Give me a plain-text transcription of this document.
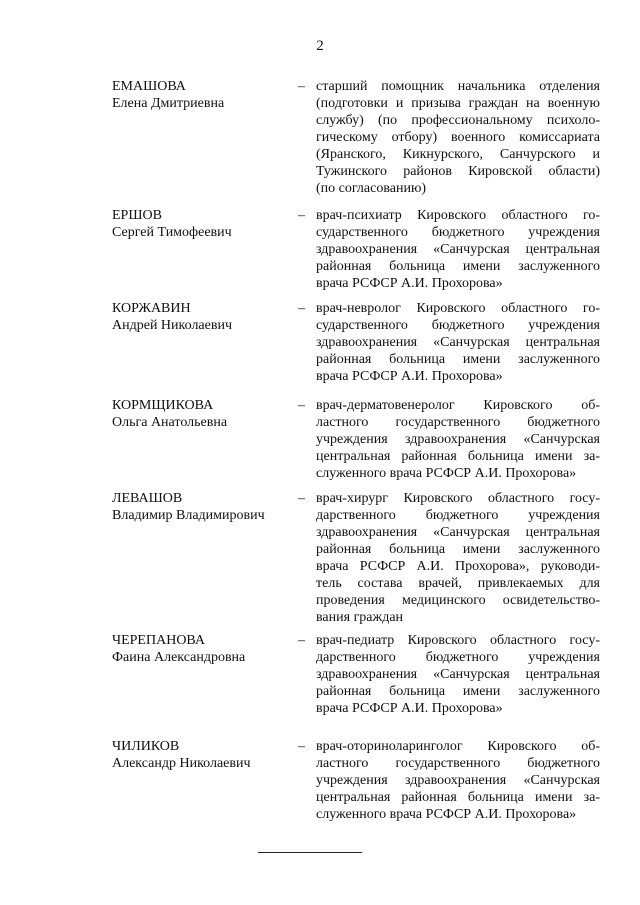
2
ЕМАШОВА
Елена Дмитриевна
– старший помощник начальника отделения
(подготовки и призыва граждан на военную
службу) (по профессиональному психоло-
гическому отбору) военного комиссариата
(Яранского, Кикнурского, Санчурского и
Тужинского районов Кировской области)
(по согласованию)
ЕРШОВ
Сергей Тимофеевич
– врач-психиатр Кировского областного го-
сударственного бюджетного учреждения
здравоохранения «Санчурская центральная
районная больница имени заслуженного
врача РСФСР А.И. Прохорова»
КОРЖАВИН
Андрей Николаевич
– врач-невролог Кировского областного го-
сударственного бюджетного учреждения
здравоохранения «Санчурская центральная
районная больница имени заслуженного
врача РСФСР А.И. Прохорова»
КОРМЩИКОВА
Ольга Анатольевна
– врач-дерматовенеролог Кировского об-
ластного государственного бюджетного
учреждения здравоохранения «Санчурская
центральная районная больница имени за-
служенного врача РСФСР А.И. Прохорова»
ЛЕВАШОВ
Владимир Владимирович
– врач-хирург Кировского областного госу-
дарственного бюджетного учреждения
здравоохранения «Санчурская центральная
районная больница имени заслуженного
врача РСФСР А.И. Прохорова», руководи-
тель состава врачей, привлекаемых для
проведения медицинского освидетельство-
вания граждан
ЧЕРЕПАНОВА
Фаина Александровна
– врач-педиатр Кировского областного госу-
дарственного бюджетного учреждения
здравоохранения «Санчурская центральная
районная больница имени заслуженного
врача РСФСР А.И. Прохорова»
ЧИЛИКОВ
Александр Николаевич
– врач-оториноларинголог Кировского об-
ластного государственного бюджетного
учреждения здравоохранения «Санчурская
центральная районная больница имени за-
служенного врача РСФСР А.И. Прохорова»
